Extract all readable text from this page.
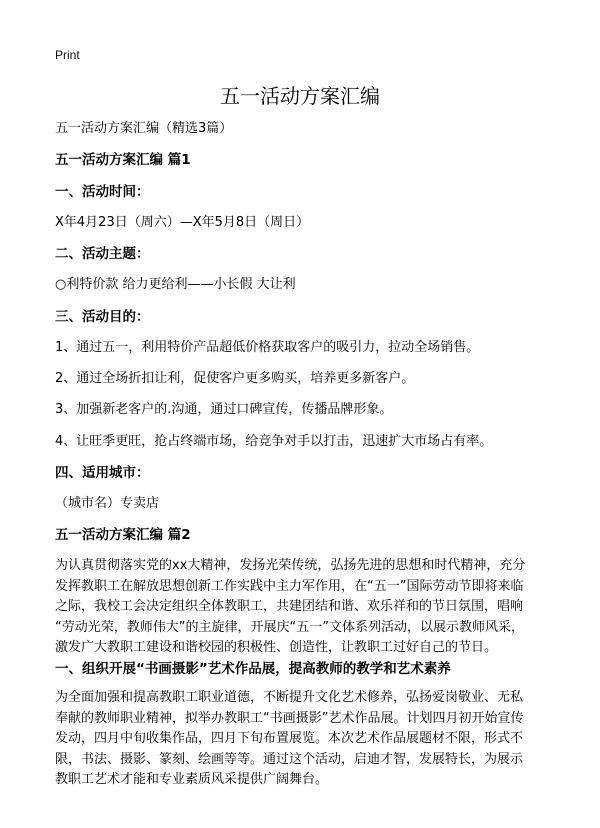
Print
五一活动方案汇编

五一活动方案汇编（精选3篇）

五一活动方案汇编 篇1

一、活动时间：

X年4月23日（周六）—X年5月8日（周日）

二、活动主题：

○利特价款 给力更给利——小长假 大让利

三、活动目的：

1、通过五一，利用特价产品超低价格获取客户的吸引力，拉动全场销售。

2、通过全场折扣让利，促使客户更多购买，培养更多新客户。

3、加强新老客户的.沟通，通过口碑宣传，传播品牌形象。

4、让旺季更旺，抢占终端市场，给竞争对手以打击，迅速扩大市场占有率。

四、适用城市：

（城市名）专卖店

五一活动方案汇编 篇2

为认真贯彻落实党的xx大精神，发扬光荣传统，弘扬先进的思想和时代精神，充分
发挥教职工在解放思想创新工作实践中主力军作用，在“五一”国际劳动节即将来临
之际，我校工会决定组织全体教职工，共建团结和谐、欢乐祥和的节日氛围，唱响
“劳动光荣，教师伟大”的主旋律，开展庆“五一”文体系列活动，以展示教师风采，
激发广大教职工建设和谐校园的积极性、创造性，让教职工过好自己的节日。

一、组织开展“书画摄影”艺术作品展，提高教师的教学和艺术素养

为全面加强和提高教职工职业道德，不断提升文化艺术修养，弘扬爱岗敬业、无私
奉献的教师职业精神，拟举办教职工“书画摄影”艺术作品展。计划四月初开始宣传
发动，四月中旬收集作品，四月下旬布置展览。本次艺术作品展题材不限，形式不
限，书法、摄影、篆刻、绘画等等。通过这个活动，启迪才智，发展特长，为展示
教职工艺术才能和专业素质风采提供广阔舞台。
